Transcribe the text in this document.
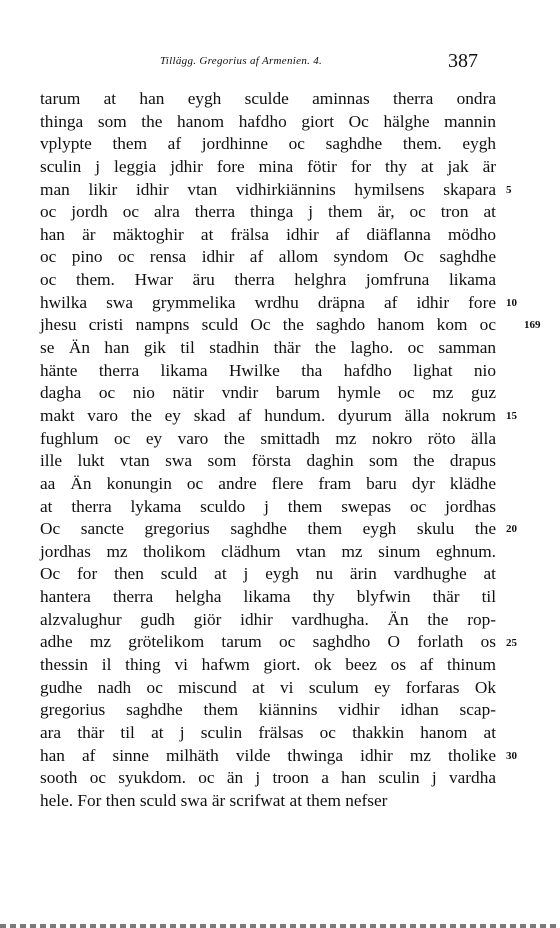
Tillägg. Gregorius af Armenien. 4.	387
tarum at han eygh sculde aminnas therra ondra
thinga som the hanom hafdho giort Oc hälghe mannin
vplypte them af jordhinne oc saghdhe them. eygh
sculin j leggia jdhir fore mina fötir for thy at jak är
man likir idhir vtan vidhirkiännins hymilsens skapara
oc jordh oc alra therra thinga j them är, oc tron at
han är mäktoghir at frälsa idhir af diäflanna mödho
oc pino oc rensa idhir af allom syndom Oc saghdhe
oc them. Hwar äru therra helghra jomfruna likama
hwilka swa grymmelika wrdhu dräpna af idhir fore
jhesu cristi nampns sculd Oc the saghdo hanom kom oc
se Än han gik til stadhin thär the lagho. oc samman
hänte therra likama Hwilke tha hafdho lighat nio
dagha oc nio nätir vndir barum hymle oc mz guz
makt varo the ey skad af hundum. dyurum älla nokrum
fughlum oc ey varo the smittadh mz nokro röto älla
ille lukt vtan swa som första daghin som the drapus
aa Än konungin oc andre flere fram baru dyr klädhe
at therra lykama sculdo j them swepas oc jordhas
Oc sancte gregorius saghdhe them eygh skulu the
jordhas mz tholikom clädhum vtan mz sinum eghnum.
Oc for then sculd at j eygh nu ärin vardhughe at
hantera therra helgha likama thy blyfwin thär til
alzvalughur gudh giör idhir vardhugha. Än the rop-
adhe mz grötelikom tarum oc saghdho O forlath os
thessin il thing vi hafwm giort. ok beez os af thinum
gudhe nadh oc miscund at vi sculum ey forfaras Ok
gregorius saghdhe them kiännins vidhir idhan scap-
ara thär til at j sculin frälsas oc thakkin hanom at
han af sinne milhäth vilde thwinga idhir mz tholike
sooth oc syukdom. oc än j troon a han sculin j vardha
hele. For then sculd swa är scrifwat at them nefser
5
10
169
15
20
25
30
